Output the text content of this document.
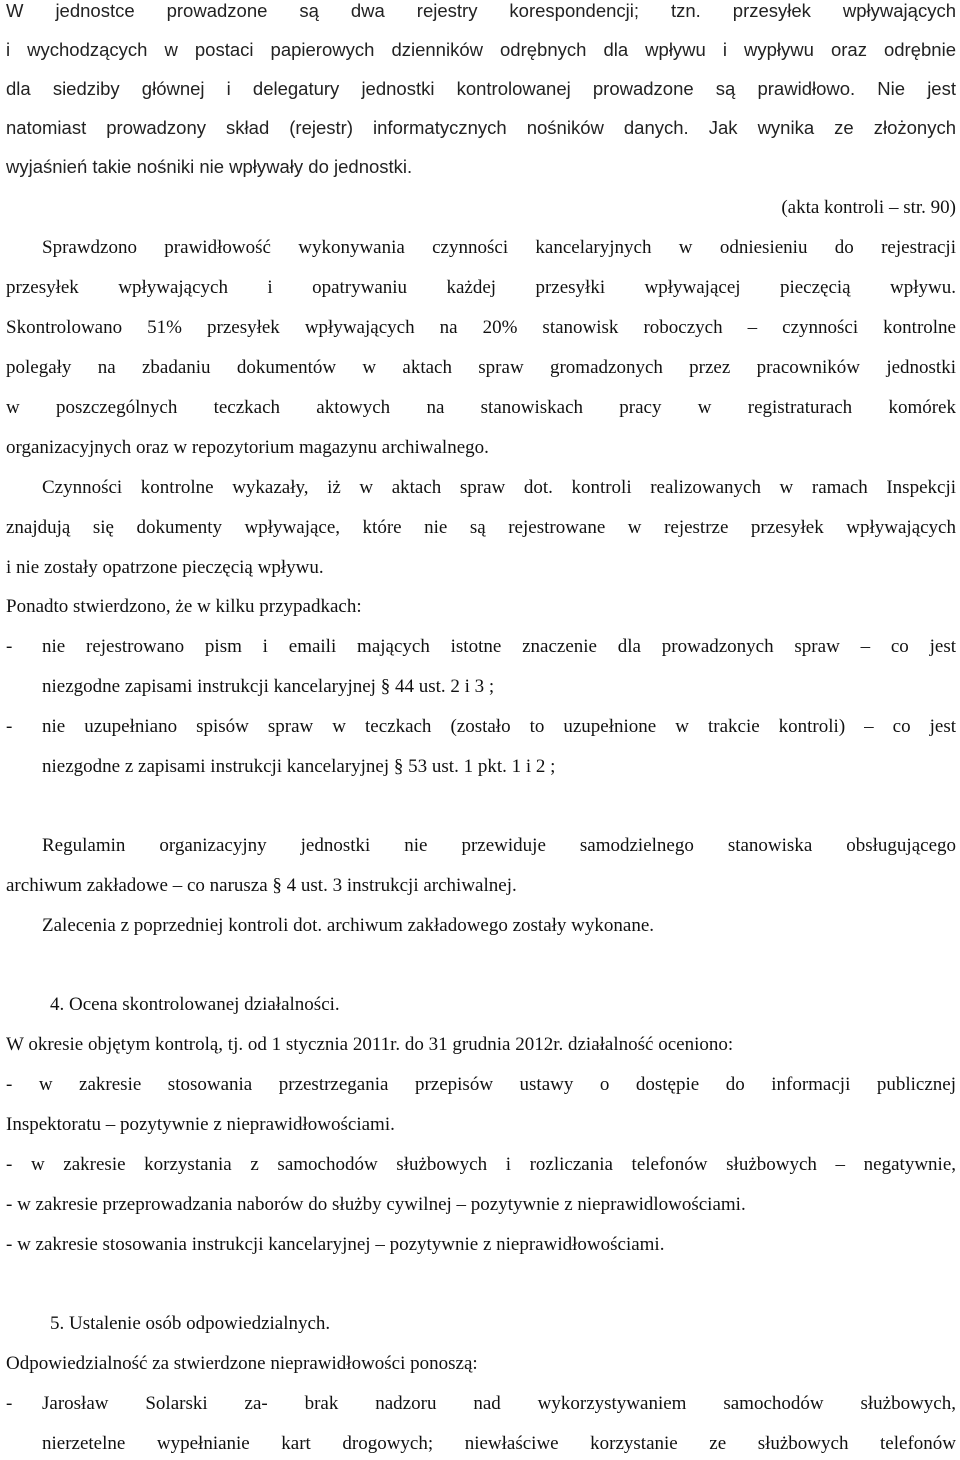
W jednostce prowadzone są dwa rejestry korespondencji; tzn. przesyłek wpływających
i wychodzących w postaci papierowych dzienników odrębnych dla wpływu i wypływu oraz odrębnie
dla siedziby głównej i delegatury jednostki kontrolowanej prowadzone są prawidłowo. Nie jest
natomiast prowadzony skład (rejestr) informatycznych nośników danych. Jak wynika ze złożonych
wyjaśnień takie nośniki nie wpływały do jednostki.
(akta kontroli – str. 90)
Sprawdzono prawidłowość wykonywania czynności kancelaryjnych w odniesieniu do rejestracji
przesyłek wpływających i opatrywaniu każdej przesyłki wpływającej pieczęcią wpływu.
Skontrolowano 51% przesyłek wpływających na 20% stanowisk roboczych – czynności kontrolne
polegały na zbadaniu dokumentów w aktach spraw gromadzonych przez pracowników jednostki
w poszczególnych teczkach aktowych na stanowiskach pracy w registraturach komórek
organizacyjnych oraz w repozytorium magazynu archiwalnego.
Czynności kontrolne wykazały, iż w aktach spraw dot. kontroli realizowanych w ramach Inspekcji
znajdują się dokumenty wpływające, które nie są rejestrowane w rejestrze przesyłek wpływających
i nie zostały opatrzone pieczęcią wpływu.
Ponadto stwierdzono, że w kilku przypadkach:
- nie rejestrowano pism i emaili mających istotne znaczenie dla prowadzonych spraw – co jest
niezgodne zapisami instrukcji kancelaryjnej § 44 ust. 2 i 3 ;
- nie uzupełniano spisów spraw w teczkach (zostało to uzupełnione w trakcie kontroli) – co jest
niezgodne z zapisami instrukcji kancelaryjnej § 53 ust. 1 pkt. 1 i 2 ;
Regulamin organizacyjny jednostki nie przewiduje samodzielnego stanowiska obsługującego
archiwum zakładowe – co narusza § 4 ust. 3 instrukcji archiwalnej.
Zalecenia z poprzedniej kontroli dot. archiwum zakładowego zostały wykonane.
4. Ocena skontrolowanej działalności.
W okresie objętym kontrolą, tj. od 1 stycznia 2011r. do 31 grudnia 2012r. działalność oceniono:
- w zakresie stosowania przestrzegania przepisów ustawy o dostępie do informacji publicznej
Inspektoratu – pozytywnie z nieprawidłowościami.
- w zakresie korzystania z samochodów służbowych i rozliczania telefonów służbowych – negatywnie,
- w zakresie przeprowadzania naborów do służby cywilnej – pozytywnie z nieprawidlowościami.
- w zakresie stosowania instrukcji kancelaryjnej – pozytywnie z nieprawidłowościami.
5. Ustalenie osób odpowiedzialnych.
Odpowiedzialność za stwierdzone nieprawidłowości ponoszą:
- Jarosław Solarski za- brak nadzoru nad wykorzystywaniem samochodów służbowych,
nierzetelne wypełnianie kart drogowych; niewłaściwe korzystanie ze służbowych telefonów
